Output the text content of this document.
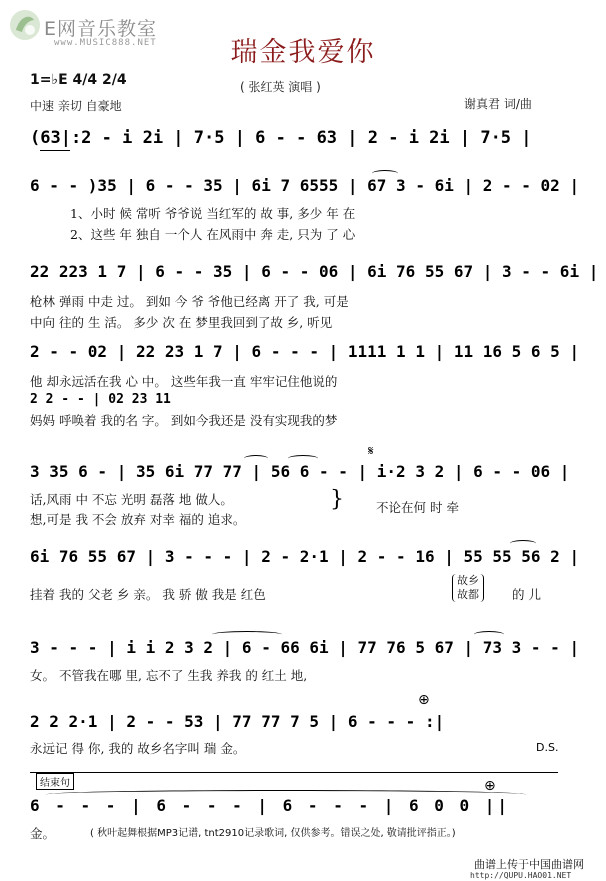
E网音乐教室
www.MUSIC888.NET	瑞金我爱你
1=♭E 4/4 2/4	( 张红英 演唱 )
中速 亲切 自豪地	谢真君 词/曲
(63|:2 - i 2i | 7·5 | 6 - - 63 | 2 - i 2i | 7·5 |
6 - - )35 | 6 - - 35 | 6i 7 6555 | 67 3 - 6i | 2 - - 02 |
1、小时 候 常听 爷爷说 当红军的 故 事, 多少 年 在
2、这些 年 独自 一个人 在风雨中 奔 走, 只为 了 心
22 223 1 7 | 6 - - 35 | 6 - - 06 | 6i 76 55 67 | 3 - - 6i |
枪林 弹雨 中走 过。 到如 今 爷 爷他已经离 开了 我, 可是
中向 往的 生 活。 多少 次 在 梦里我回到了故 乡, 听见
2 - - 02 | 22 23 1 7 | 6 - - - | 1111 1 1 | 11 16 5 6 5 |
他 却永远活在我 心 中。 这些年我一直 牢牢记住他说的
2 2 - - | 02 23 11
妈妈 呼唤着 我的名 字。 到如今我还是 没有实现我的梦
𝄋
3 35 6 - | 35 6i 77 77 | 56 6 - - | i·2 3 2 | 6 - - 06 |
话,风雨 中 不忘 光明 磊落 地 做人。
想,可是 我 不会 放弃 对幸 福的 追求。
}	不论在何 时 牵
6i 76 55 67 | 3 - - - | 2 - 2·1 | 2 - - 16 | 55 55 56 2 |
挂着 我的 父老 乡 亲。 我 骄 傲 我是 红色
故乡
故都	的 儿
3 - - - | i i 2 3 2 | 6 - 66 6i | 77 76 5 67 | 73 3 - - |
女。 不管我在哪 里, 忘不了 生我 养我 的 红土 地,
⊕
2 2 2·1 | 2 - - 53 | 77 77 7 5 | 6 - - - :|
永远记 得 你, 我的 故乡名字叫 瑞 金。	D.S.
结束句	⊕
6 - - - | 6 - - - | 6 - - - | 6 0 0 ||
金。	( 秋叶起舞根据MP3记谱, tnt2910记录歌词, 仅供参考。错误之处, 敬请批评指正。)
曲谱上传于中国曲谱网
http://QUPU.HAO01.NET
